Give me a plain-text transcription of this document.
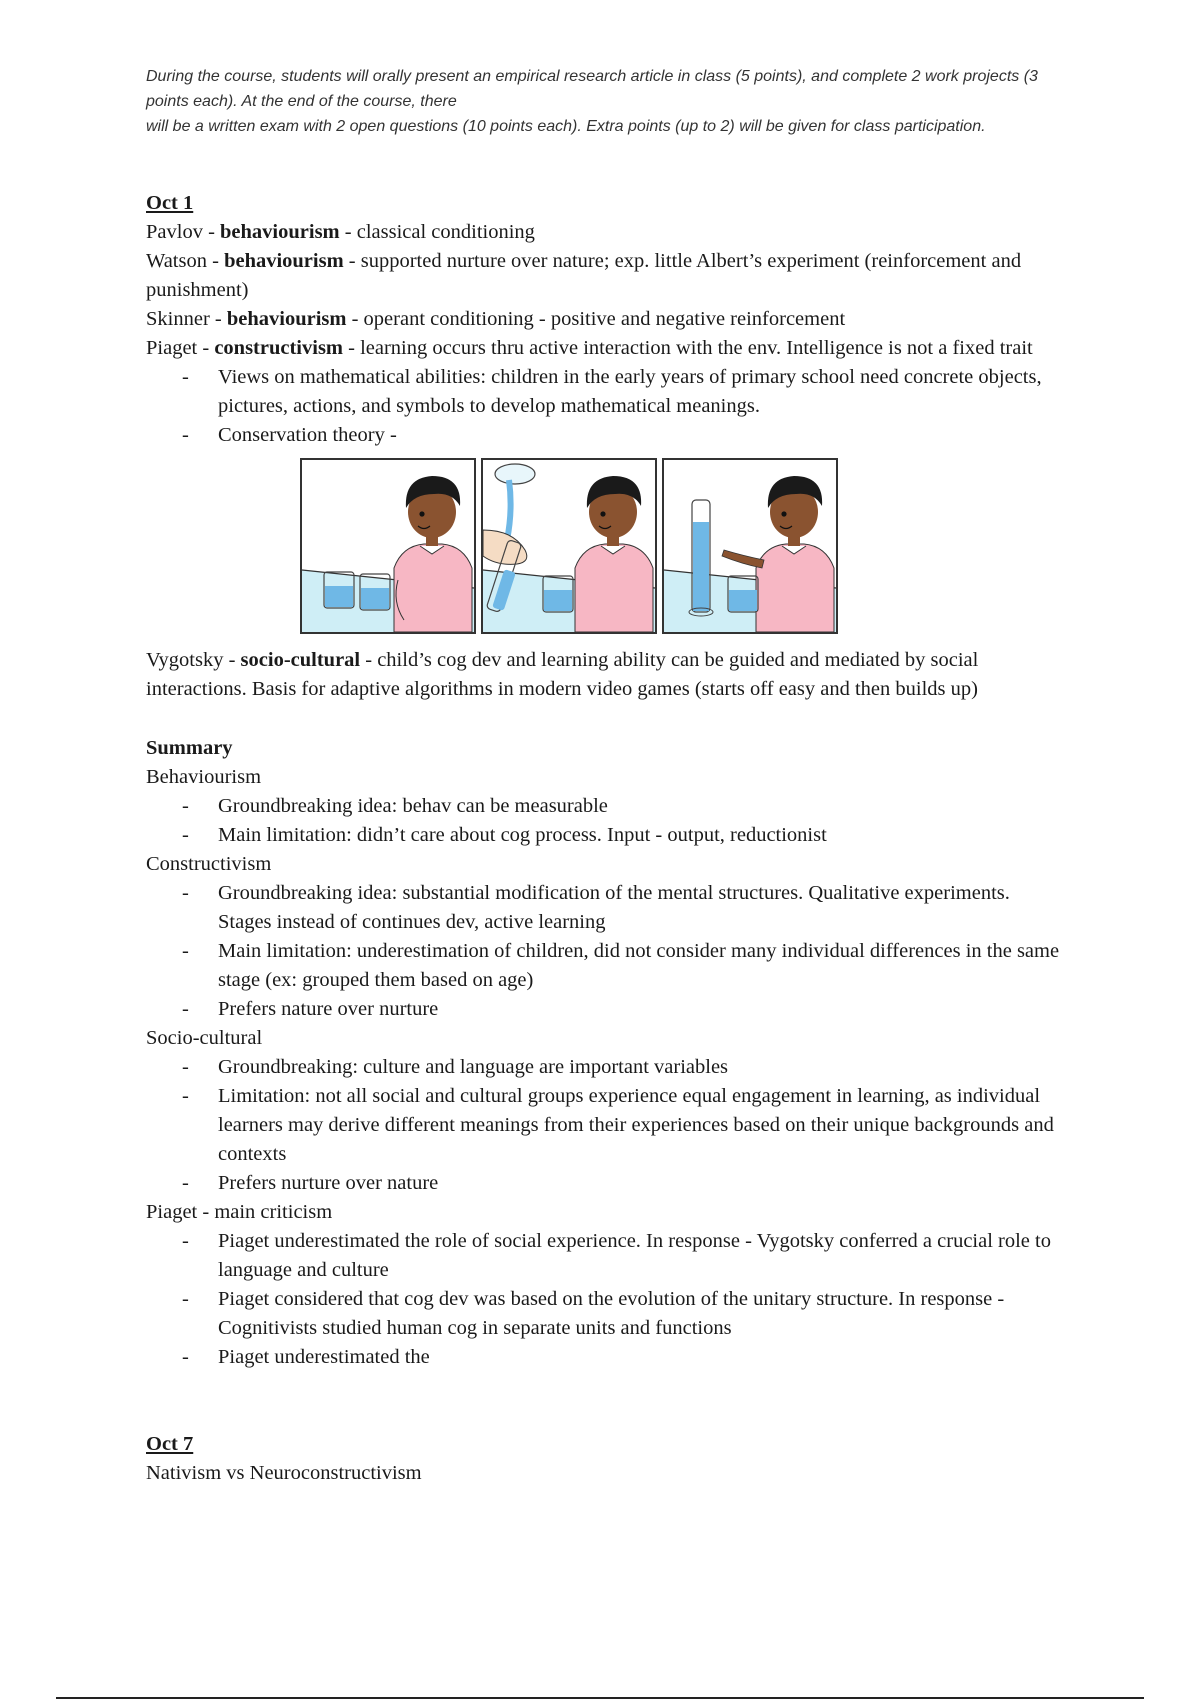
During the course, students will orally present an empirical research article in class (5 points), and complete 2 work projects (3 points each). At the end of the course, there

will be a written exam with 2 open questions (10 points each). Extra points (up to 2) will be given for class participation.

Oct 1

Pavlov - behaviourism - classical conditioning

Watson - behaviourism - supported nurture over nature; exp. little Albert’s experiment (reinforcement and punishment)

Skinner - behaviourism - operant conditioning - positive and negative reinforcement

Piaget - constructivism - learning occurs thru active interaction with the env. Intelligence is not a fixed trait

- Views on mathematical abilities: children in the early years of primary school need concrete objects, pictures, actions, and symbols to develop mathematical meanings.
- Conservation theory -

Vygotsky - socio-cultural - child’s cog dev and learning ability can be guided and mediated by social interactions. Basis for adaptive algorithms in modern video games (starts off easy and then builds up)

Summary

Behaviourism

- Groundbreaking idea: behav can be measurable
- Main limitation: didn’t care about cog process. Input - output, reductionist

Constructivism

- Groundbreaking idea: substantial modification of the mental structures. Qualitative experiments. Stages instead of continues dev, active learning
- Main limitation: underestimation of children, did not consider many individual differences in the same stage (ex: grouped them based on age)
- Prefers nature over nurture

Socio-cultural

- Groundbreaking: culture and language are important variables
- Limitation: not all social and cultural groups experience equal engagement in learning, as individual learners may derive different meanings from their experiences based on their unique backgrounds and contexts
- Prefers nurture over nature

Piaget - main criticism

- Piaget underestimated the role of social experience. In response - Vygotsky conferred a crucial role to language and culture
- Piaget considered that cog dev was based on the evolution of the unitary structure. In response - Cognitivists studied human cog in separate units and functions
- Piaget underestimated the

Oct 7

Nativism vs Neuroconstructivism
